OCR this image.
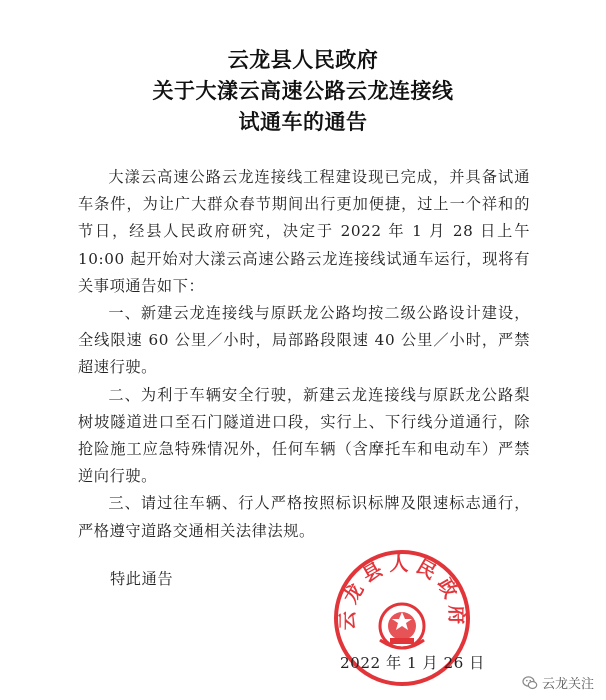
云龙县人民政府
关于大漾云高速公路云龙连接线
试通车的通告

大漾云高速公路云龙连接线工程建设现已完成，并具备试通车条件，为让广大群众春节期间出行更加便捷，过上一个祥和的节日，经县人民政府研究，决定于 2022 年 1 月 28 日上午 10:00 起开始对大漾云高速公路云龙连接线试通车运行，现将有关事项通告如下：

一、新建云龙连接线与原跃龙公路均按二级公路设计建设，全线限速 60 公里／小时，局部路段限速 40 公里／小时，严禁超速行驶。

二、为利于车辆安全行驶，新建云龙连接线与原跃龙公路梨树坡隧道进口至石门隧道进口段，实行上、下行线分道通行，除抢险施工应急特殊情况外，任何车辆（含摩托车和电动车）严禁逆向行驶。

三、请过往车辆、行人严格按照标识标牌及限速标志通行，严格遵守道路交通相关法律法规。

特此通告
云龙县人民政府
2022 年 1 月 26 日
云龙关注
